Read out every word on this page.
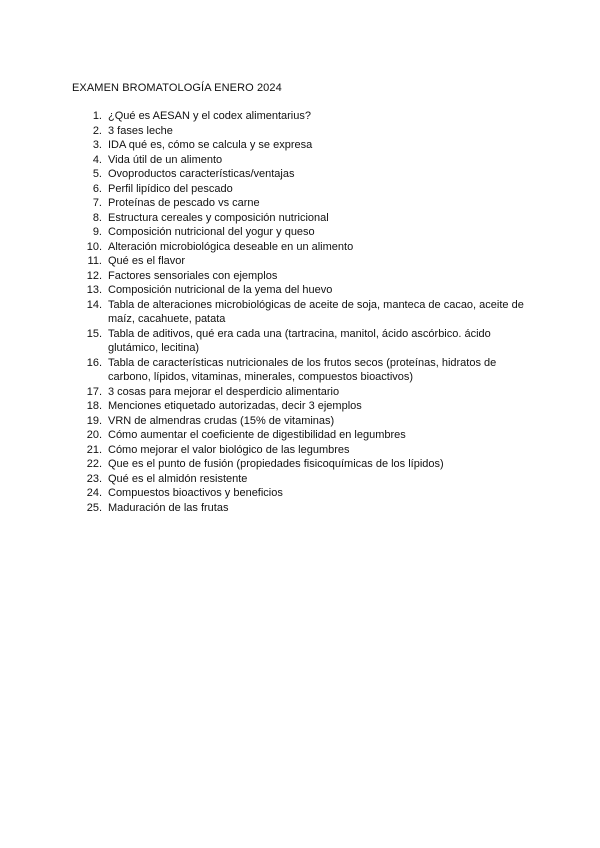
EXAMEN BROMATOLOGÍA ENERO 2024
1. ¿Qué es AESAN y el codex alimentarius?
2. 3 fases leche
3. IDA qué es, cómo se calcula y se expresa
4. Vida útil de un alimento
5. Ovoproductos características/ventajas
6. Perfil lipídico del pescado
7. Proteínas de pescado vs carne
8. Estructura cereales y composición nutricional
9. Composición nutricional del yogur y queso
10. Alteración microbiológica deseable en un alimento
11. Qué es el flavor
12. Factores sensoriales con ejemplos
13. Composición nutricional de la yema del huevo
14. Tabla de alteraciones microbiológicas de aceite de soja, manteca de cacao, aceite de maíz, cacahuete, patata
15. Tabla de aditivos, qué era cada una (tartracina, manitol, ácido ascórbico. ácido glutámico, lecitina)
16. Tabla de características nutricionales de los frutos secos (proteínas, hidratos de carbono, lípidos, vitaminas, minerales, compuestos bioactivos)
17. 3 cosas para mejorar el desperdicio alimentario
18. Menciones etiquetado autorizadas, decir 3 ejemplos
19. VRN de almendras crudas (15% de vitaminas)
20. Cómo aumentar el coeficiente de digestibilidad en legumbres
21. Cómo mejorar el valor biológico de las legumbres
22. Que es el punto de fusión (propiedades fisicoquímicas de los lípidos)
23. Qué es el almidón resistente
24. Compuestos bioactivos y beneficios
25. Maduración de las frutas
